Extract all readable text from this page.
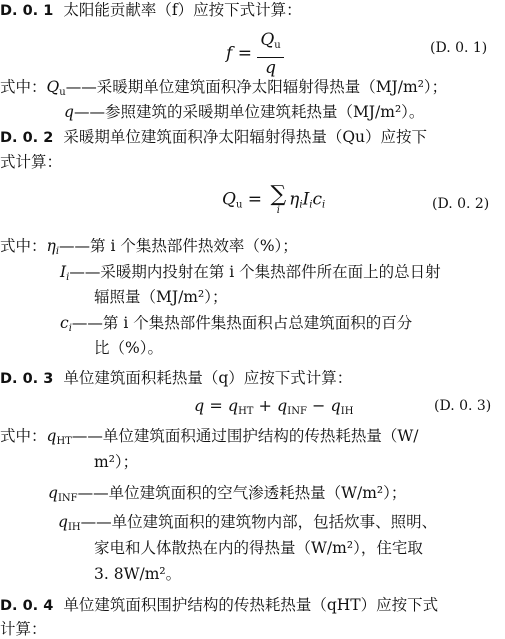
D. 0. 1 太阳能贡献率（f）应按下式计算：
$f = \frac{Q_u}{q}$	(D. 0. 1)
式中：$Q_u——$采暖期单位建筑面积净太阳辐射得热量（MJ/m²）；
q——参照建筑的采暖期单位建筑耗热量（MJ/m²）。
D. 0. 2 采暖期单位建筑面积净太阳辐射得热量（Qu）应按下
式计算：
$Q_u$ = ∑
i
$\eta_iI_ic_i$	(D. 0. 2)
式中：$\eta_i——$第 i 个集热部件热效率（%）；
$I_i——$采暖期内投射在第 i 个集热部件所在面上的总日射
辐照量（MJ/m²）；
$c_i——$第 i 个集热部件集热面积占总建筑面积的百分
比（%）。
D. 0. 3 单位建筑面积耗热量（q）应按下式计算：
$q = q_{HT} + q_{INF} - q_{IH}$	(D. 0. 3)
式中：$q_{HT}——$单位建筑面积通过围护结构的传热耗热量（W/
m²）；
$q_{INF}——$单位建筑面积的空气渗透耗热量（W/m²）；
$q_{IH}——$单位建筑面积的建筑物内部，包括炊事、照明、
家电和人体散热在内的得热量（W/m²），住宅取
3. 8W/m²。
D. 0. 4 单位建筑面积围护结构的传热耗热量（qHT）应按下式
计算：
